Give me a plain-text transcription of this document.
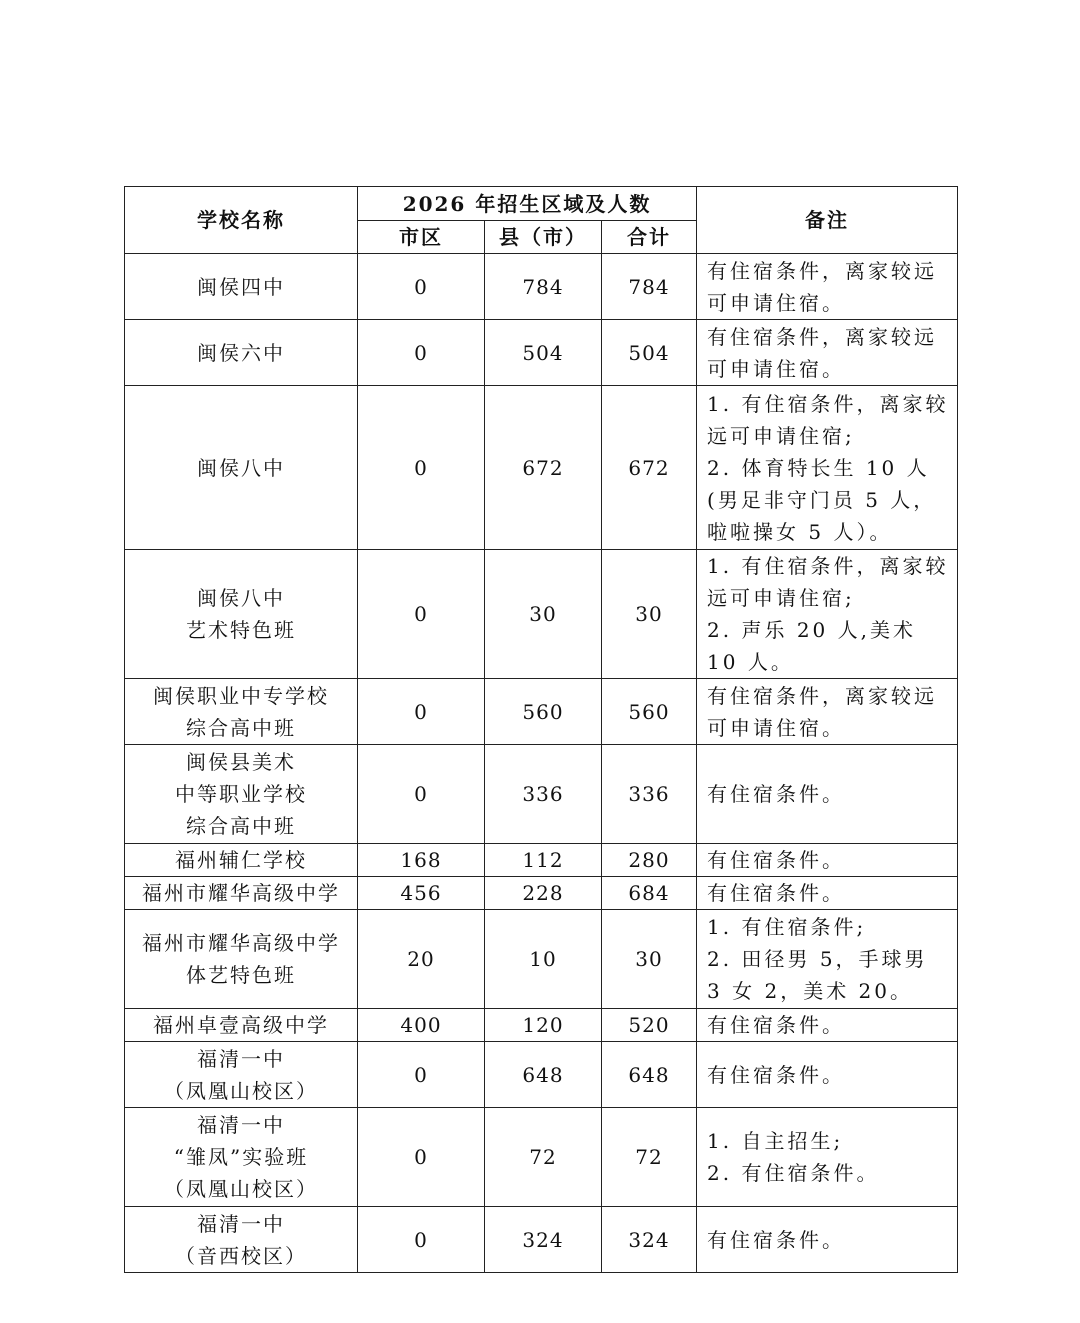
学校名称	2026 年招生区域及人数			备注
	市区	县（市）	合计	

闽侯四中	0	784	784	有住宿条件，离家较远可申请住宿。

闽侯六中	0	504	504	有住宿条件，离家较远可申请住宿。

闽侯八中	0	672	672	1. 有住宿条件，离家较远可申请住宿;
2. 体育特长生 10 人(男足非守门员 5 人，啦啦操女 5 人）。

闽侯八中
艺术特色班	0	30	30	1. 有住宿条件，离家较远可申请住宿;
2. 声乐 20 人,美术 10 人。

闽侯职业中专学校
综合高中班	0	560	560	有住宿条件，离家较远可申请住宿。

闽侯县美术
中等职业学校
综合高中班	0	336	336	有住宿条件。

福州辅仁学校	168	112	280	有住宿条件。

福州市耀华高级中学	456	228	684	有住宿条件。

福州市耀华高级中学
体艺特色班	20	10	30	1. 有住宿条件;
2. 田径男 5，手球男 3 女 2，美术 20。

福州卓壹高级中学	400	120	520	有住宿条件。

福清一中
（凤凰山校区）	0	648	648	有住宿条件。

福清一中
“雏凤”实验班
（凤凰山校区）	0	72	72	1. 自主招生;
2. 有住宿条件。

福清一中
（音西校区）	0	324	324	有住宿条件。
